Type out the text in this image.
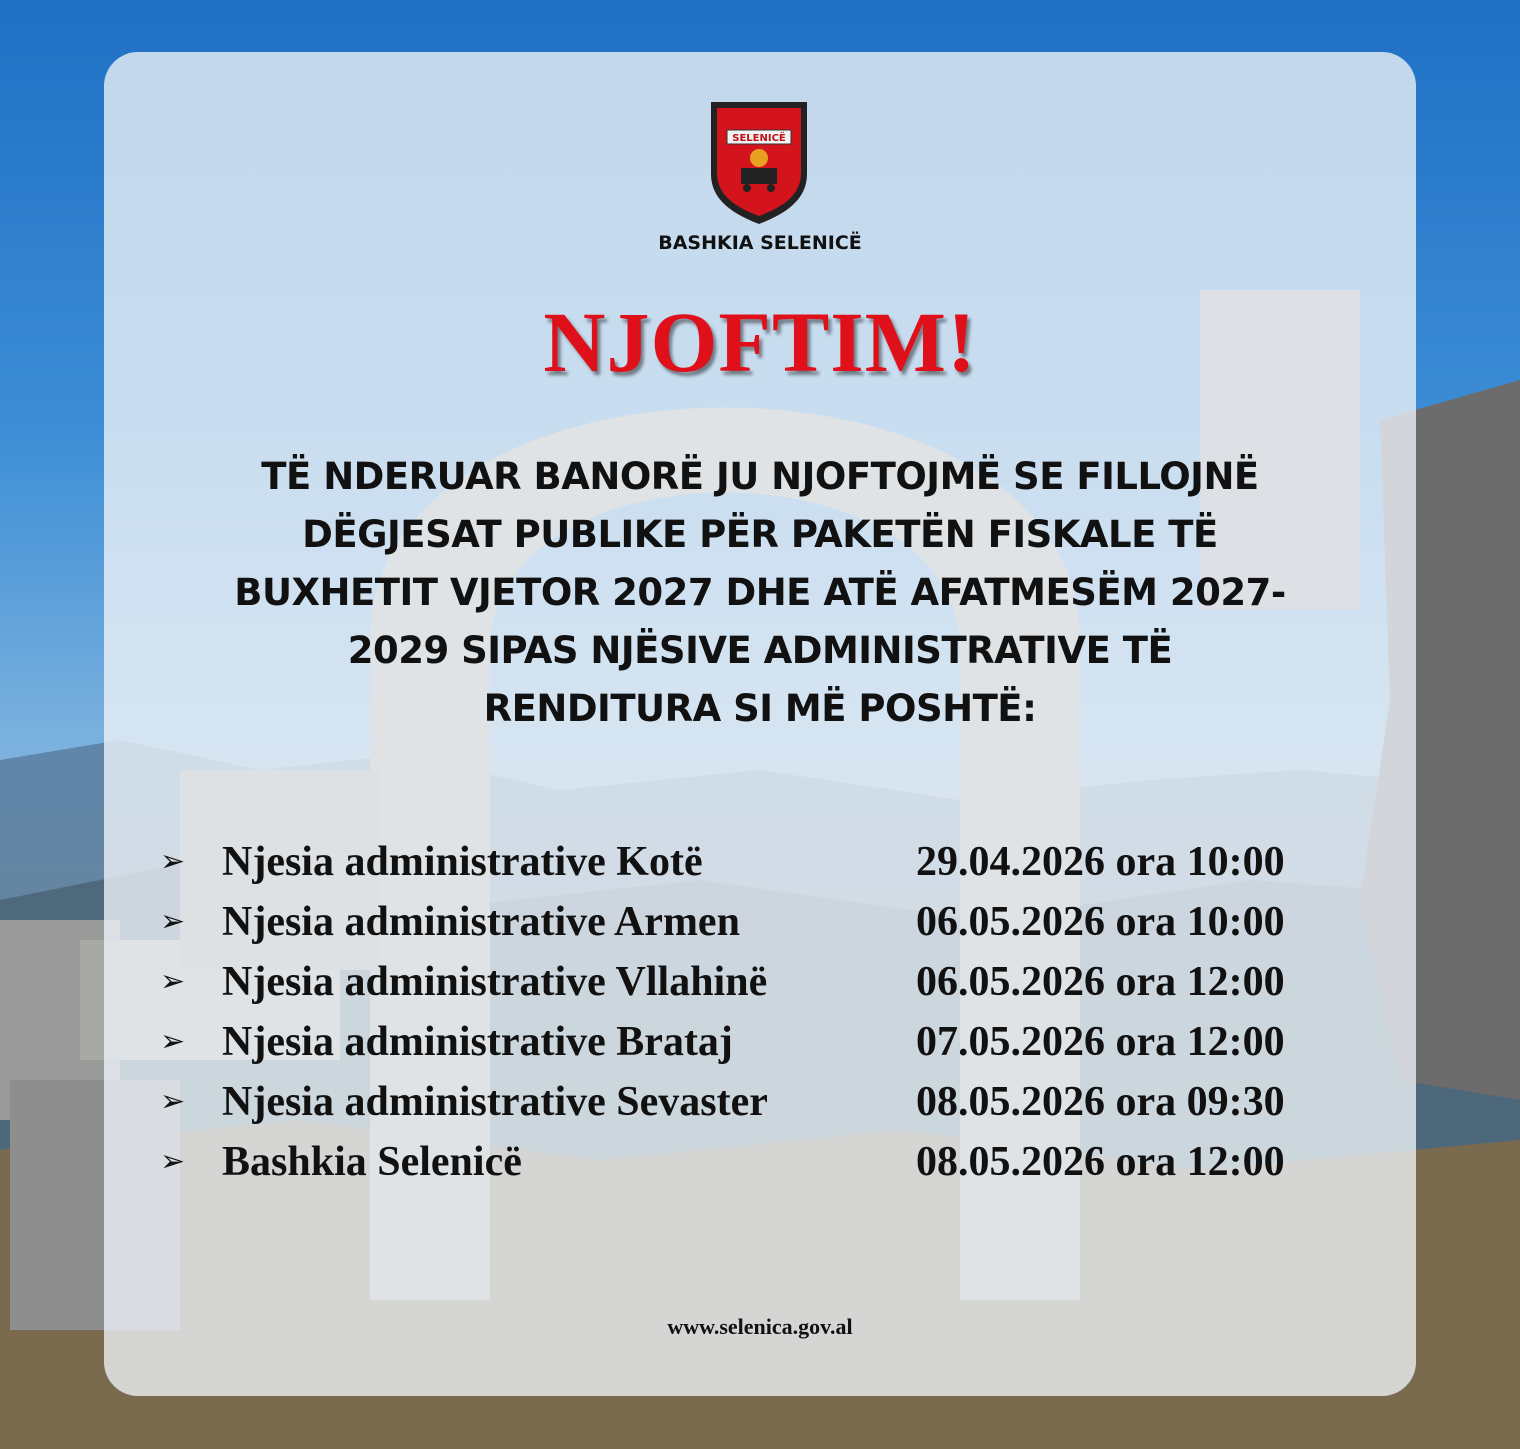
SELENICË
BASHKIA SELENICË
NJOFTIM!
TË NDERUAR BANORË JU NJOFTOJMË SE FILLOJNË
DËGJESAT PUBLIKE PËR PAKETËN FISKALE TË
BUXHETIT VJETOR 2027 DHE ATË AFATMESËM 2027-
2029 SIPAS NJËSIVE ADMINISTRATIVE TË
RENDITURA SI MË POSHTË:
➢ Njesia administrative Kotë	29.04.2026 ora 10:00
➢ Njesia administrative Armen	06.05.2026 ora 10:00
➢ Njesia administrative Vllahinë	06.05.2026 ora 12:00
➢ Njesia administrative Brataj	07.05.2026 ora 12:00
➢ Njesia administrative Sevaster	08.05.2026 ora 09:30
➢ Bashkia Selenicë	08.05.2026 ora 12:00
www.selenica.gov.al
